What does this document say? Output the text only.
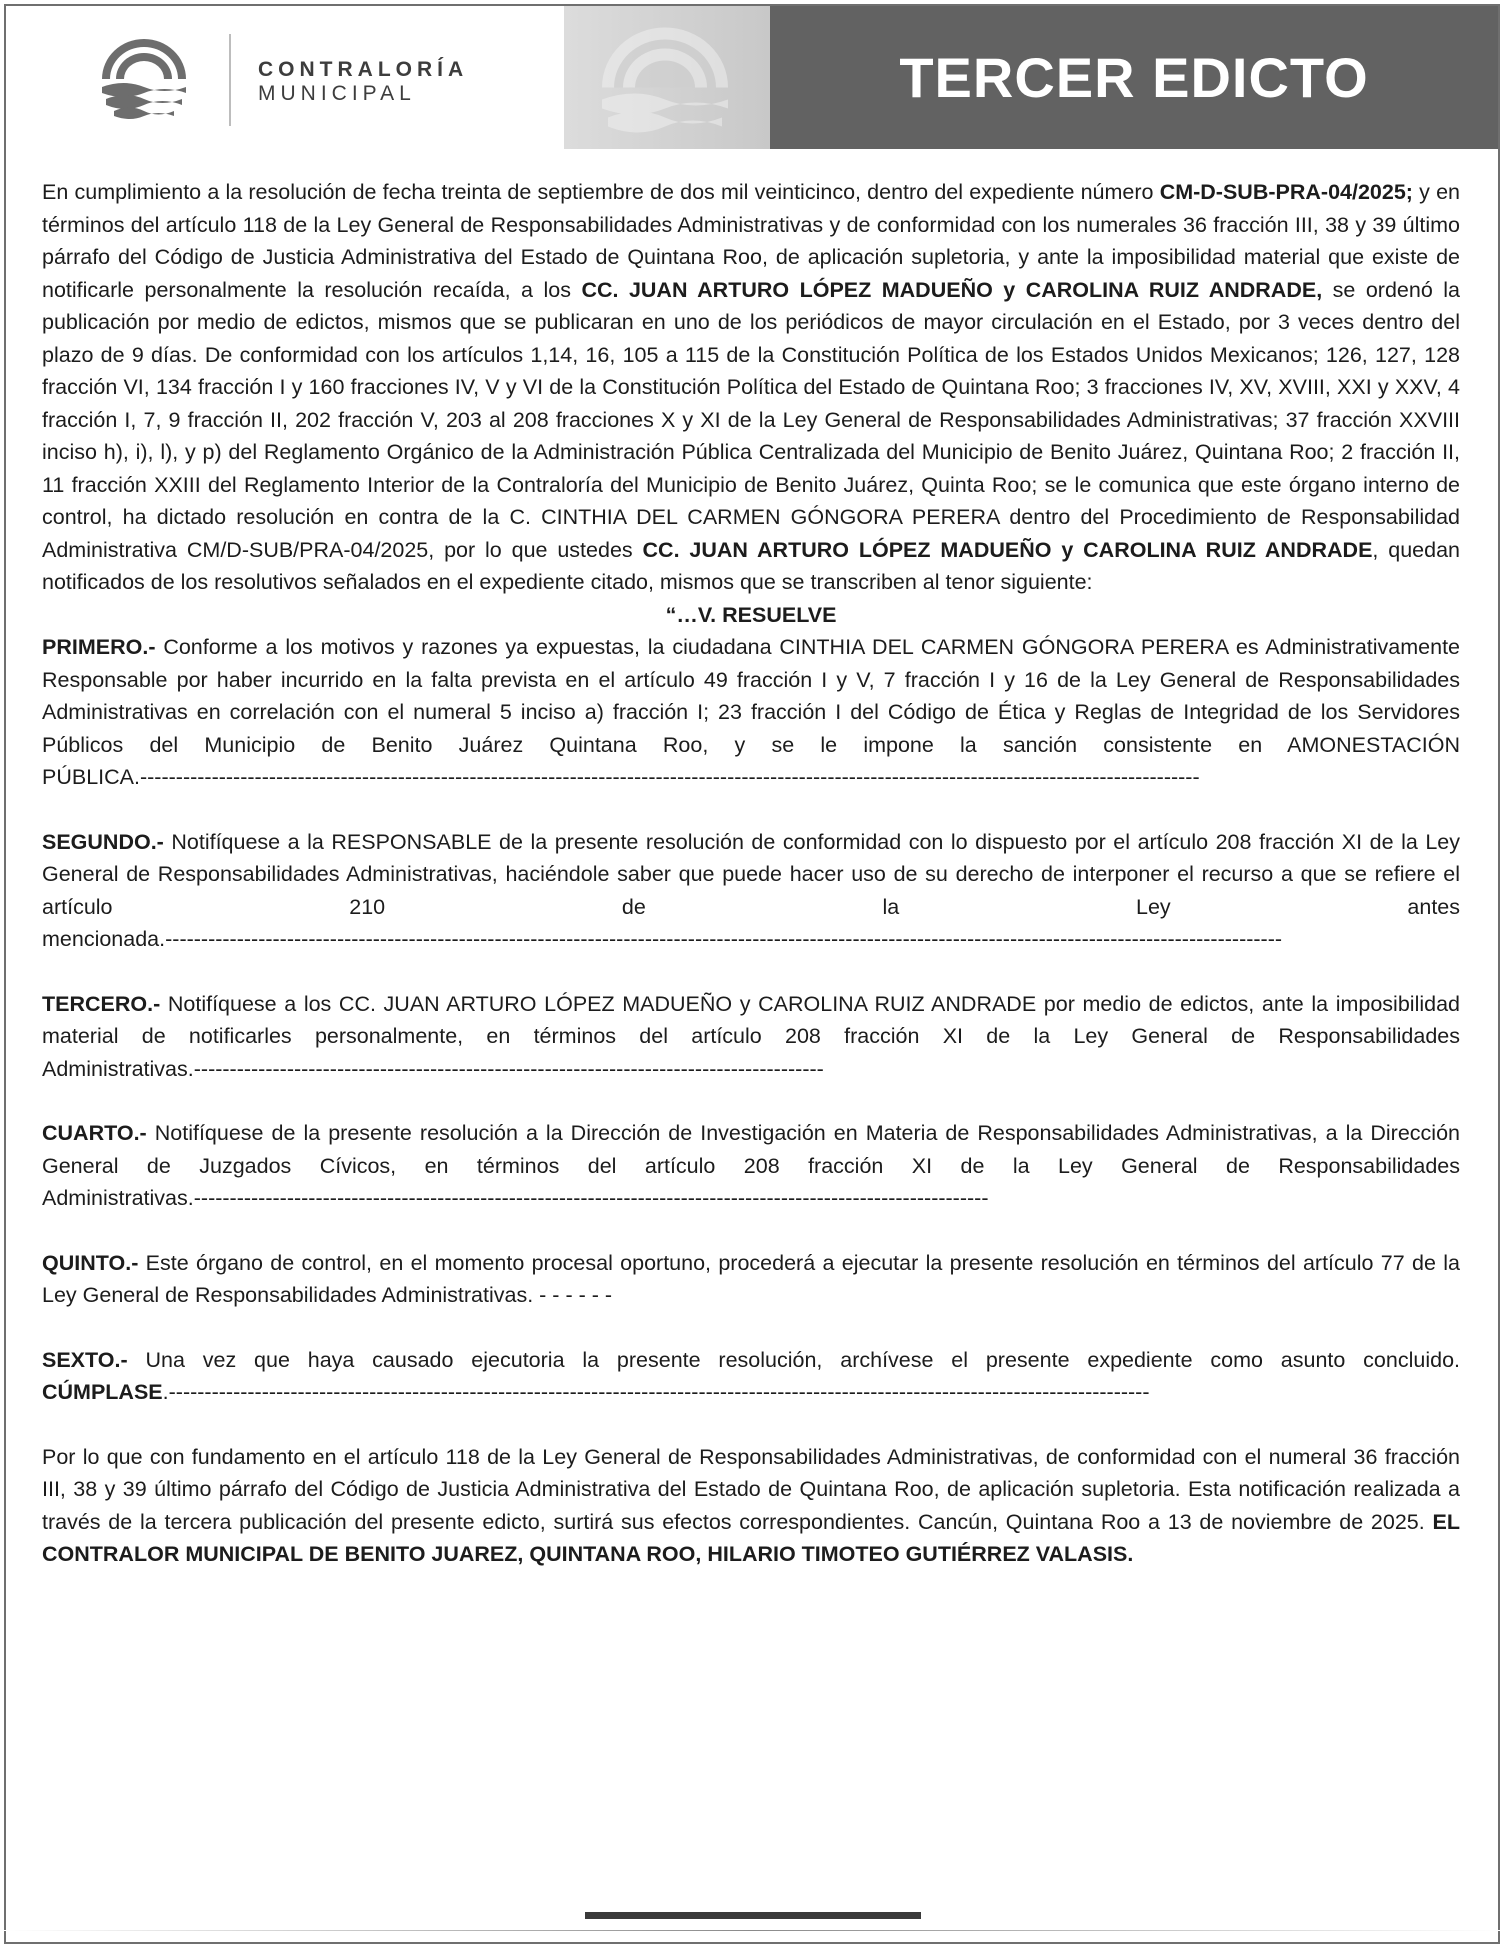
CONTRALORÍA
MUNICIPAL	TERCER EDICTO

En cumplimiento a la resolución de fecha treinta de septiembre de dos mil veinticinco, dentro del expediente número CM-D-SUB-PRA-04/2025; y en términos del artículo 118 de la Ley General de Responsabilidades Administrativas y de conformidad con los numerales 36 fracción III, 38 y 39 último párrafo del Código de Justicia Administrativa del Estado de Quintana Roo, de aplicación supletoria, y ante la imposibilidad material que existe de notificarle personalmente la resolución recaída, a los CC. JUAN ARTURO LÓPEZ MADUEÑO y CAROLINA RUIZ ANDRADE, se ordenó la publicación por medio de edictos, mismos que se publicaran en uno de los periódicos de mayor circulación en el Estado, por 3 veces dentro del plazo de 9 días. De conformidad con los artículos 1,14, 16, 105 a 115 de la Constitución Política de los Estados Unidos Mexicanos; 126, 127, 128 fracción VI, 134 fracción I y 160 fracciones IV, V y VI de la Constitución Política del Estado de Quintana Roo; 3 fracciones IV, XV, XVIII, XXI y XXV, 4 fracción I, 7, 9 fracción II, 202 fracción V, 203 al 208 fracciones X y XI de la Ley General de Responsabilidades Administrativas; 37 fracción XXVIII inciso h), i), l), y p) del Reglamento Orgánico de la Administración Pública Centralizada del Municipio de Benito Juárez, Quintana Roo; 2 fracción II, 11 fracción XXIII del Reglamento Interior de la Contraloría del Municipio de Benito Juárez, Quinta Roo; se le comunica que este órgano interno de control, ha dictado resolución en contra de la C. CINTHIA DEL CARMEN GÓNGORA PERERA dentro del Procedimiento de Responsabilidad Administrativa CM/D-SUB/PRA-04/2025, por lo que ustedes CC. JUAN ARTURO LÓPEZ MADUEÑO y CAROLINA RUIZ ANDRADE, quedan notificados de los resolutivos señalados en el expediente citado, mismos que se transcriben al tenor siguiente:

“…V. RESUELVE

PRIMERO.- Conforme a los motivos y razones ya expuestas, la ciudadana CINTHIA DEL CARMEN GÓNGORA PERERA es Administrativamente Responsable por haber incurrido en la falta prevista en el artículo 49 fracción I y V, 7 fracción I y 16 de la Ley General de Responsabilidades Administrativas en correlación con el numeral 5 inciso a) fracción I; 23 fracción I del Código de Ética y Reglas de Integridad de los Servidores Públicos del Municipio de Benito Juárez Quintana Roo, y se le impone la sanción consistente en AMONESTACIÓN PÚBLICA.----------------------------------------------------------------------------------------------------------------------------------------------------

SEGUNDO.- Notifíquese a la RESPONSABLE de la presente resolución de conformidad con lo dispuesto por el artículo 208 fracción XI de la Ley General de Responsabilidades Administrativas, haciéndole saber que puede hacer uso de su derecho de interponer el recurso a que se refiere el artículo 210 de la Ley antes mencionada.------------------------------------------------------------------------------------------------------------------------------------------------------------

TERCERO.- Notifíquese a los CC. JUAN ARTURO LÓPEZ MADUEÑO y CAROLINA RUIZ ANDRADE por medio de edictos, ante la imposibilidad material de notificarles personalmente, en términos del artículo 208 fracción XI de la Ley General de Responsabilidades Administrativas.----------------------------------------------------------------------------------------

CUARTO.- Notifíquese de la presente resolución a la Dirección de Investigación en Materia de Responsabilidades Administrativas, a la Dirección General de Juzgados Cívicos, en términos del artículo 208 fracción XI de la Ley General de Responsabilidades Administrativas.---------------------------------------------------------------------------------------------------------------

QUINTO.- Este órgano de control, en el momento procesal oportuno, procederá a ejecutar la presente resolución en términos del artículo 77 de la Ley General de Responsabilidades Administrativas. - - - - - -

SEXTO.- Una vez que haya causado ejecutoria la presente resolución, archívese el presente expediente como asunto concluido. CÚMPLASE.-----------------------------------------------------------------------------------------------------------------------------------------

Por lo que con fundamento en el artículo 118 de la Ley General de Responsabilidades Administrativas, de conformidad con el numeral 36 fracción III, 38 y 39 último párrafo del Código de Justicia Administrativa del Estado de Quintana Roo, de aplicación supletoria. Esta notificación realizada a través de la tercera publicación del presente edicto, surtirá sus efectos correspondientes. Cancún, Quintana Roo a 13 de noviembre de 2025. EL CONTRALOR MUNICIPAL DE BENITO JUAREZ, QUINTANA ROO, HILARIO TIMOTEO GUTIÉRREZ VALASIS.
